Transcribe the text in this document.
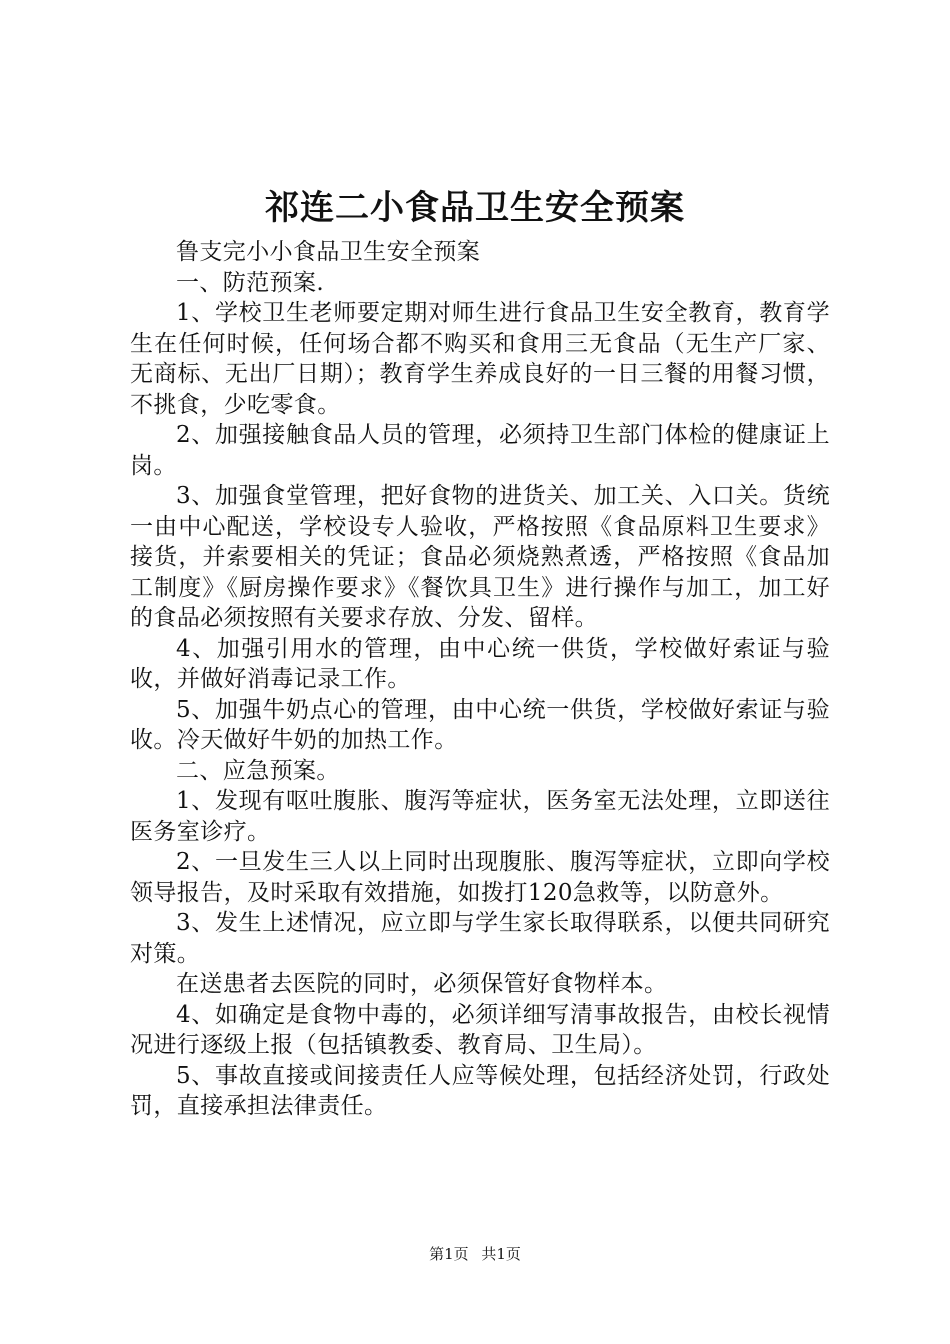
祁连二小食品卫生安全预案

鲁支完小小食品卫生安全预案

一、防范预案.

1、学校卫生老师要定期对师生进行食品卫生安全教育，教育学生在任何时候，任何场合都不购买和食用三无食品（无生产厂家、无商标、无出厂日期）；教育学生养成良好的一日三餐的用餐习惯，不挑食，少吃零食。

2、加强接触食品人员的管理，必须持卫生部门体检的健康证上岗。

3、加强食堂管理，把好食物的进货关、加工关、入口关。货统一由中心配送，学校设专人验收，严格按照《食品原料卫生要求》接货，并索要相关的凭证；食品必须烧熟煮透，严格按照《食品加工制度》《厨房操作要求》《餐饮具卫生》进行操作与加工，加工好的食品必须按照有关要求存放、分发、留样。

4、加强引用水的管理，由中心统一供货，学校做好索证与验收，并做好消毒记录工作。

5、加强牛奶点心的管理，由中心统一供货，学校做好索证与验收。冷天做好牛奶的加热工作。

二、应急预案。

1、发现有呕吐腹胀、腹泻等症状，医务室无法处理，立即送往医务室诊疗。

2、一旦发生三人以上同时出现腹胀、腹泻等症状，立即向学校领导报告，及时采取有效措施，如拨打120急救等，以防意外。

3、发生上述情况，应立即与学生家长取得联系，以便共同研究对策。

在送患者去医院的同时，必须保管好食物样本。

4、如确定是食物中毒的，必须详细写清事故报告，由校长视情况进行逐级上报（包括镇教委、教育局、卫生局）。

5、事故直接或间接责任人应等候处理，包括经济处罚，行政处罚，直接承担法律责任。

第1页 共1页
